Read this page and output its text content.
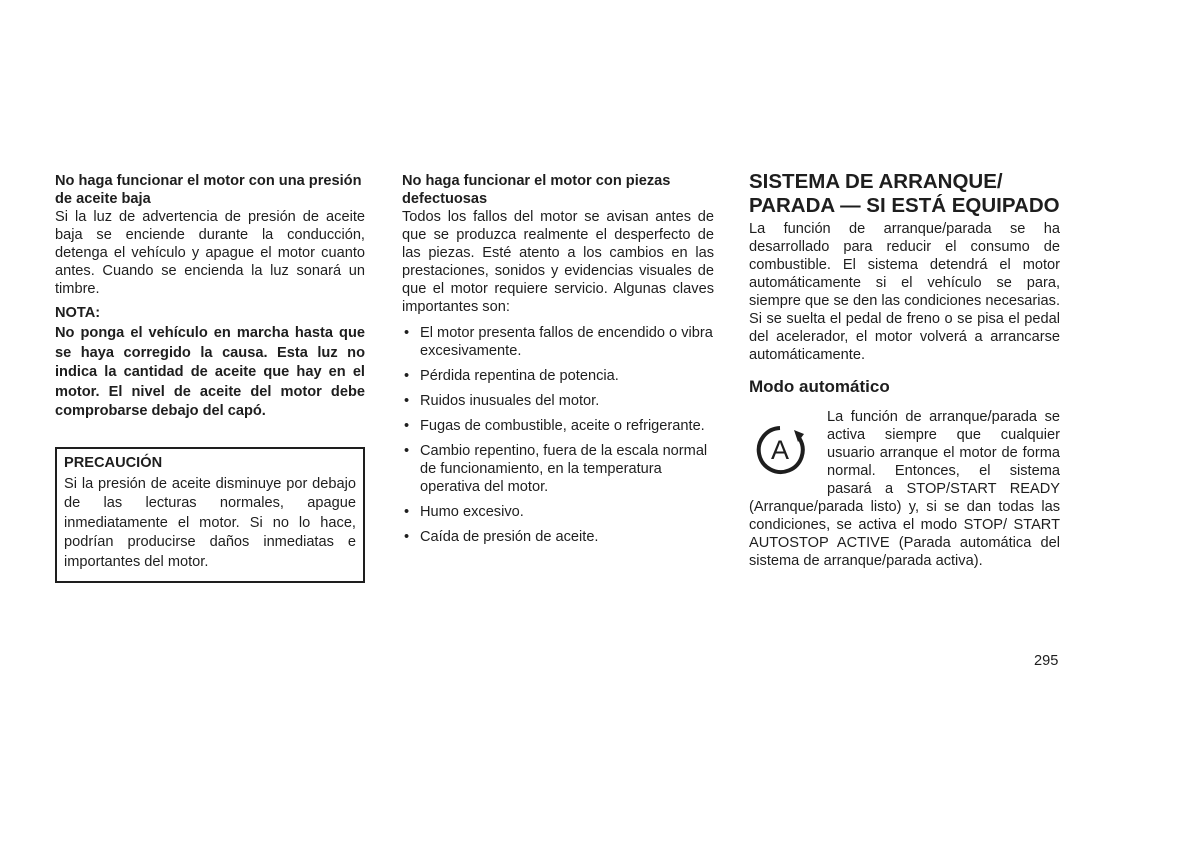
No haga funcionar el motor con una presión de aceite baja
Si la luz de advertencia de presión de aceite baja se enciende durante la conducción, detenga el vehículo y apague el motor cuanto antes. Cuando se encienda la luz sonará un timbre.
NOTA:
No ponga el vehículo en marcha hasta que se haya corregido la causa. Esta luz no indica la cantidad de aceite que hay en el motor. El nivel de aceite del motor debe comprobarse debajo del capó.
PRECAUCIÓN
Si la presión de aceite disminuye por debajo de las lecturas normales, apague inmediatamente el motor. Si no lo hace, podrían producirse daños inmediatas e importantes del motor.
No haga funcionar el motor con piezas defectuosas
Todos los fallos del motor se avisan antes de que se produzca realmente el desperfecto de las piezas. Esté atento a los cambios en las prestaciones, sonidos y evidencias visuales de que el motor requiere servicio. Algunas claves importantes son:
• El motor presenta fallos de encendido o vibra excesivamente.
• Pérdida repentina de potencia.
• Ruidos inusuales del motor.
• Fugas de combustible, aceite o refrigerante.
• Cambio repentino, fuera de la escala normal de funcionamiento, en la temperatura operativa del motor.
• Humo excesivo.
• Caída de presión de aceite.
SISTEMA DE ARRANQUE/ PARADA — SI ESTÁ EQUIPADO
La función de arranque/parada se ha desarrollado para reducir el consumo de combustible. El sistema detendrá el motor automáticamente si el vehículo se para, siempre que se den las condiciones necesarias. Si se suelta el pedal de freno o se pisa el pedal del acelerador, el motor volverá a arrancarse automáticamente.
Modo automático
A
La función de arranque/parada se activa siempre que cualquier usuario arranque el motor de forma normal. Entonces, el sistema pasará a STOP/START READY (Arranque/parada listo) y, si se dan todas las condiciones, se activa el modo STOP/ START AUTOSTOP ACTIVE (Parada automática del sistema de arranque/parada activa).
295
